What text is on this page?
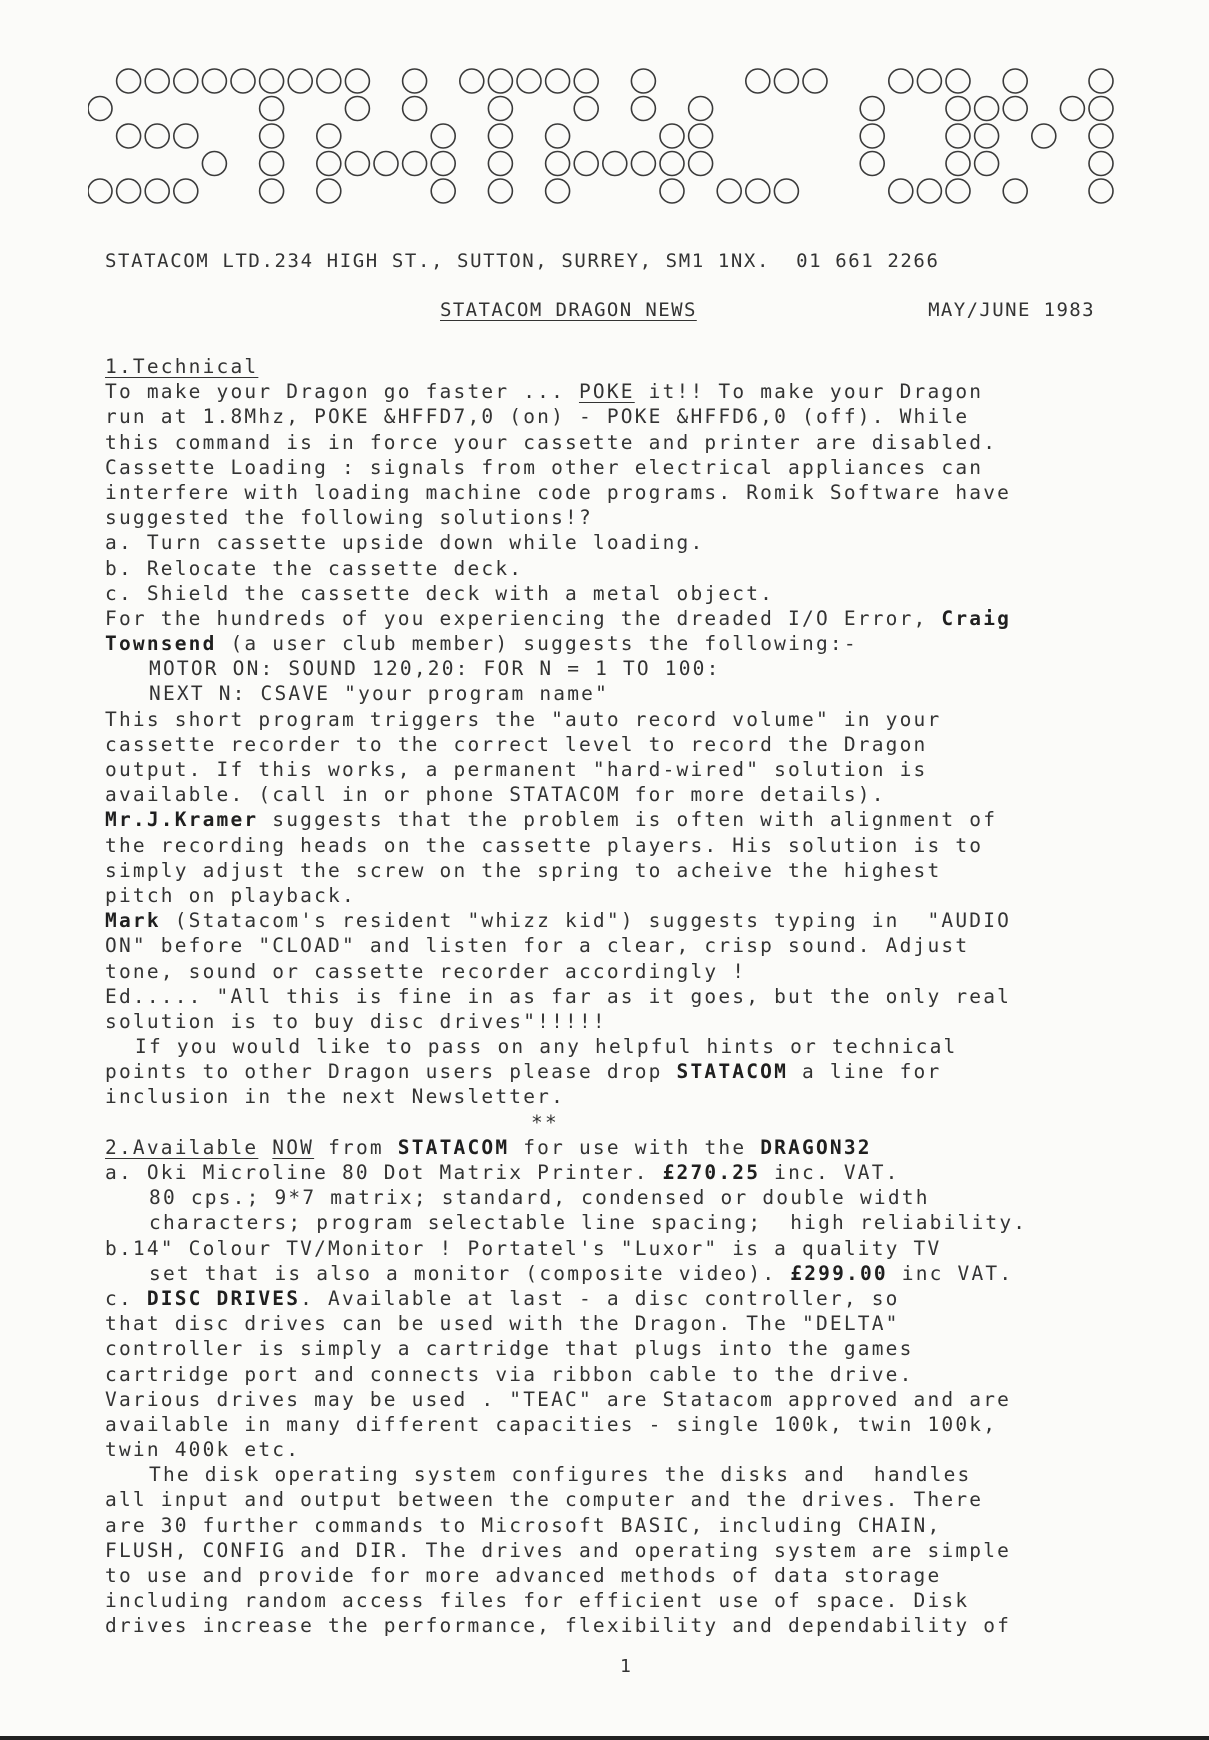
STATACOM LTD.234 HIGH ST., SUTTON, SURREY, SM1 1NX. 01 661 2266
STATACOM DRAGON NEWS	MAY/JUNE 1983
1.Technical
To make your Dragon go faster ... POKE it!! To make your Dragon
run at 1.8Mhz, POKE &HFFD7,0 (on) - POKE &HFFD6,0 (off). While
this command is in force your cassette and printer are disabled.
Cassette Loading : signals from other electrical appliances can
interfere with loading machine code programs. Romik Software have
suggested the following solutions!?
a. Turn cassette upside down while loading.
b. Relocate the cassette deck.
c. Shield the cassette deck with a metal object.
For the hundreds of you experiencing the dreaded I/O Error, Craig
Townsend (a user club member) suggests the following:-
MOTOR ON: SOUND 120,20: FOR N = 1 TO 100:
NEXT N: CSAVE "your program name"
This short program triggers the "auto record volume" in your
cassette recorder to the correct level to record the Dragon
output. If this works, a permanent "hard-wired" solution is
available. (call in or phone STATACOM for more details).
Mr.J.Kramer suggests that the problem is often with alignment of
the recording heads on the cassette players. His solution is to
simply adjust the screw on the spring to acheive the highest
pitch on playback.
Mark (Statacom's resident "whizz kid") suggests typing in  "AUDIO
ON" before "CLOAD" and listen for a clear, crisp sound. Adjust
tone, sound or cassette recorder accordingly !
Ed..... "All this is fine in as far as it goes, but the only real
solution is to buy disc drives"!!!!!
If you would like to pass on any helpful hints or technical
points to other Dragon users please drop STATACOM a line for
inclusion in the next Newsletter.
**
2.Available NOW from STATACOM for use with the DRAGON32
a. Oki Microline 80 Dot Matrix Printer. £270.25 inc. VAT.
80 cps.; 9*7 matrix; standard, condensed or double width
characters; program selectable line spacing;  high reliability.
b.14" Colour TV/Monitor ! Portatel's "Luxor" is a quality TV
set that is also a monitor (composite video). £299.00 inc VAT.
c. DISC DRIVES. Available at last - a disc controller, so
that disc drives can be used with the Dragon. The "DELTA"
controller is simply a cartridge that plugs into the games
cartridge port and connects via ribbon cable to the drive.
Various drives may be used . "TEAC" are Statacom approved and are
available in many different capacities - single 100k, twin 100k,
twin 400k etc.
The disk operating system configures the disks and  handles
all input and output between the computer and the drives. There
are 30 further commands to Microsoft BASIC, including CHAIN,
FLUSH, CONFIG and DIR. The drives and operating system are simple
to use and provide for more advanced methods of data storage
including random access files for efficient use of space. Disk
drives increase the performance, flexibility and dependability of
1
